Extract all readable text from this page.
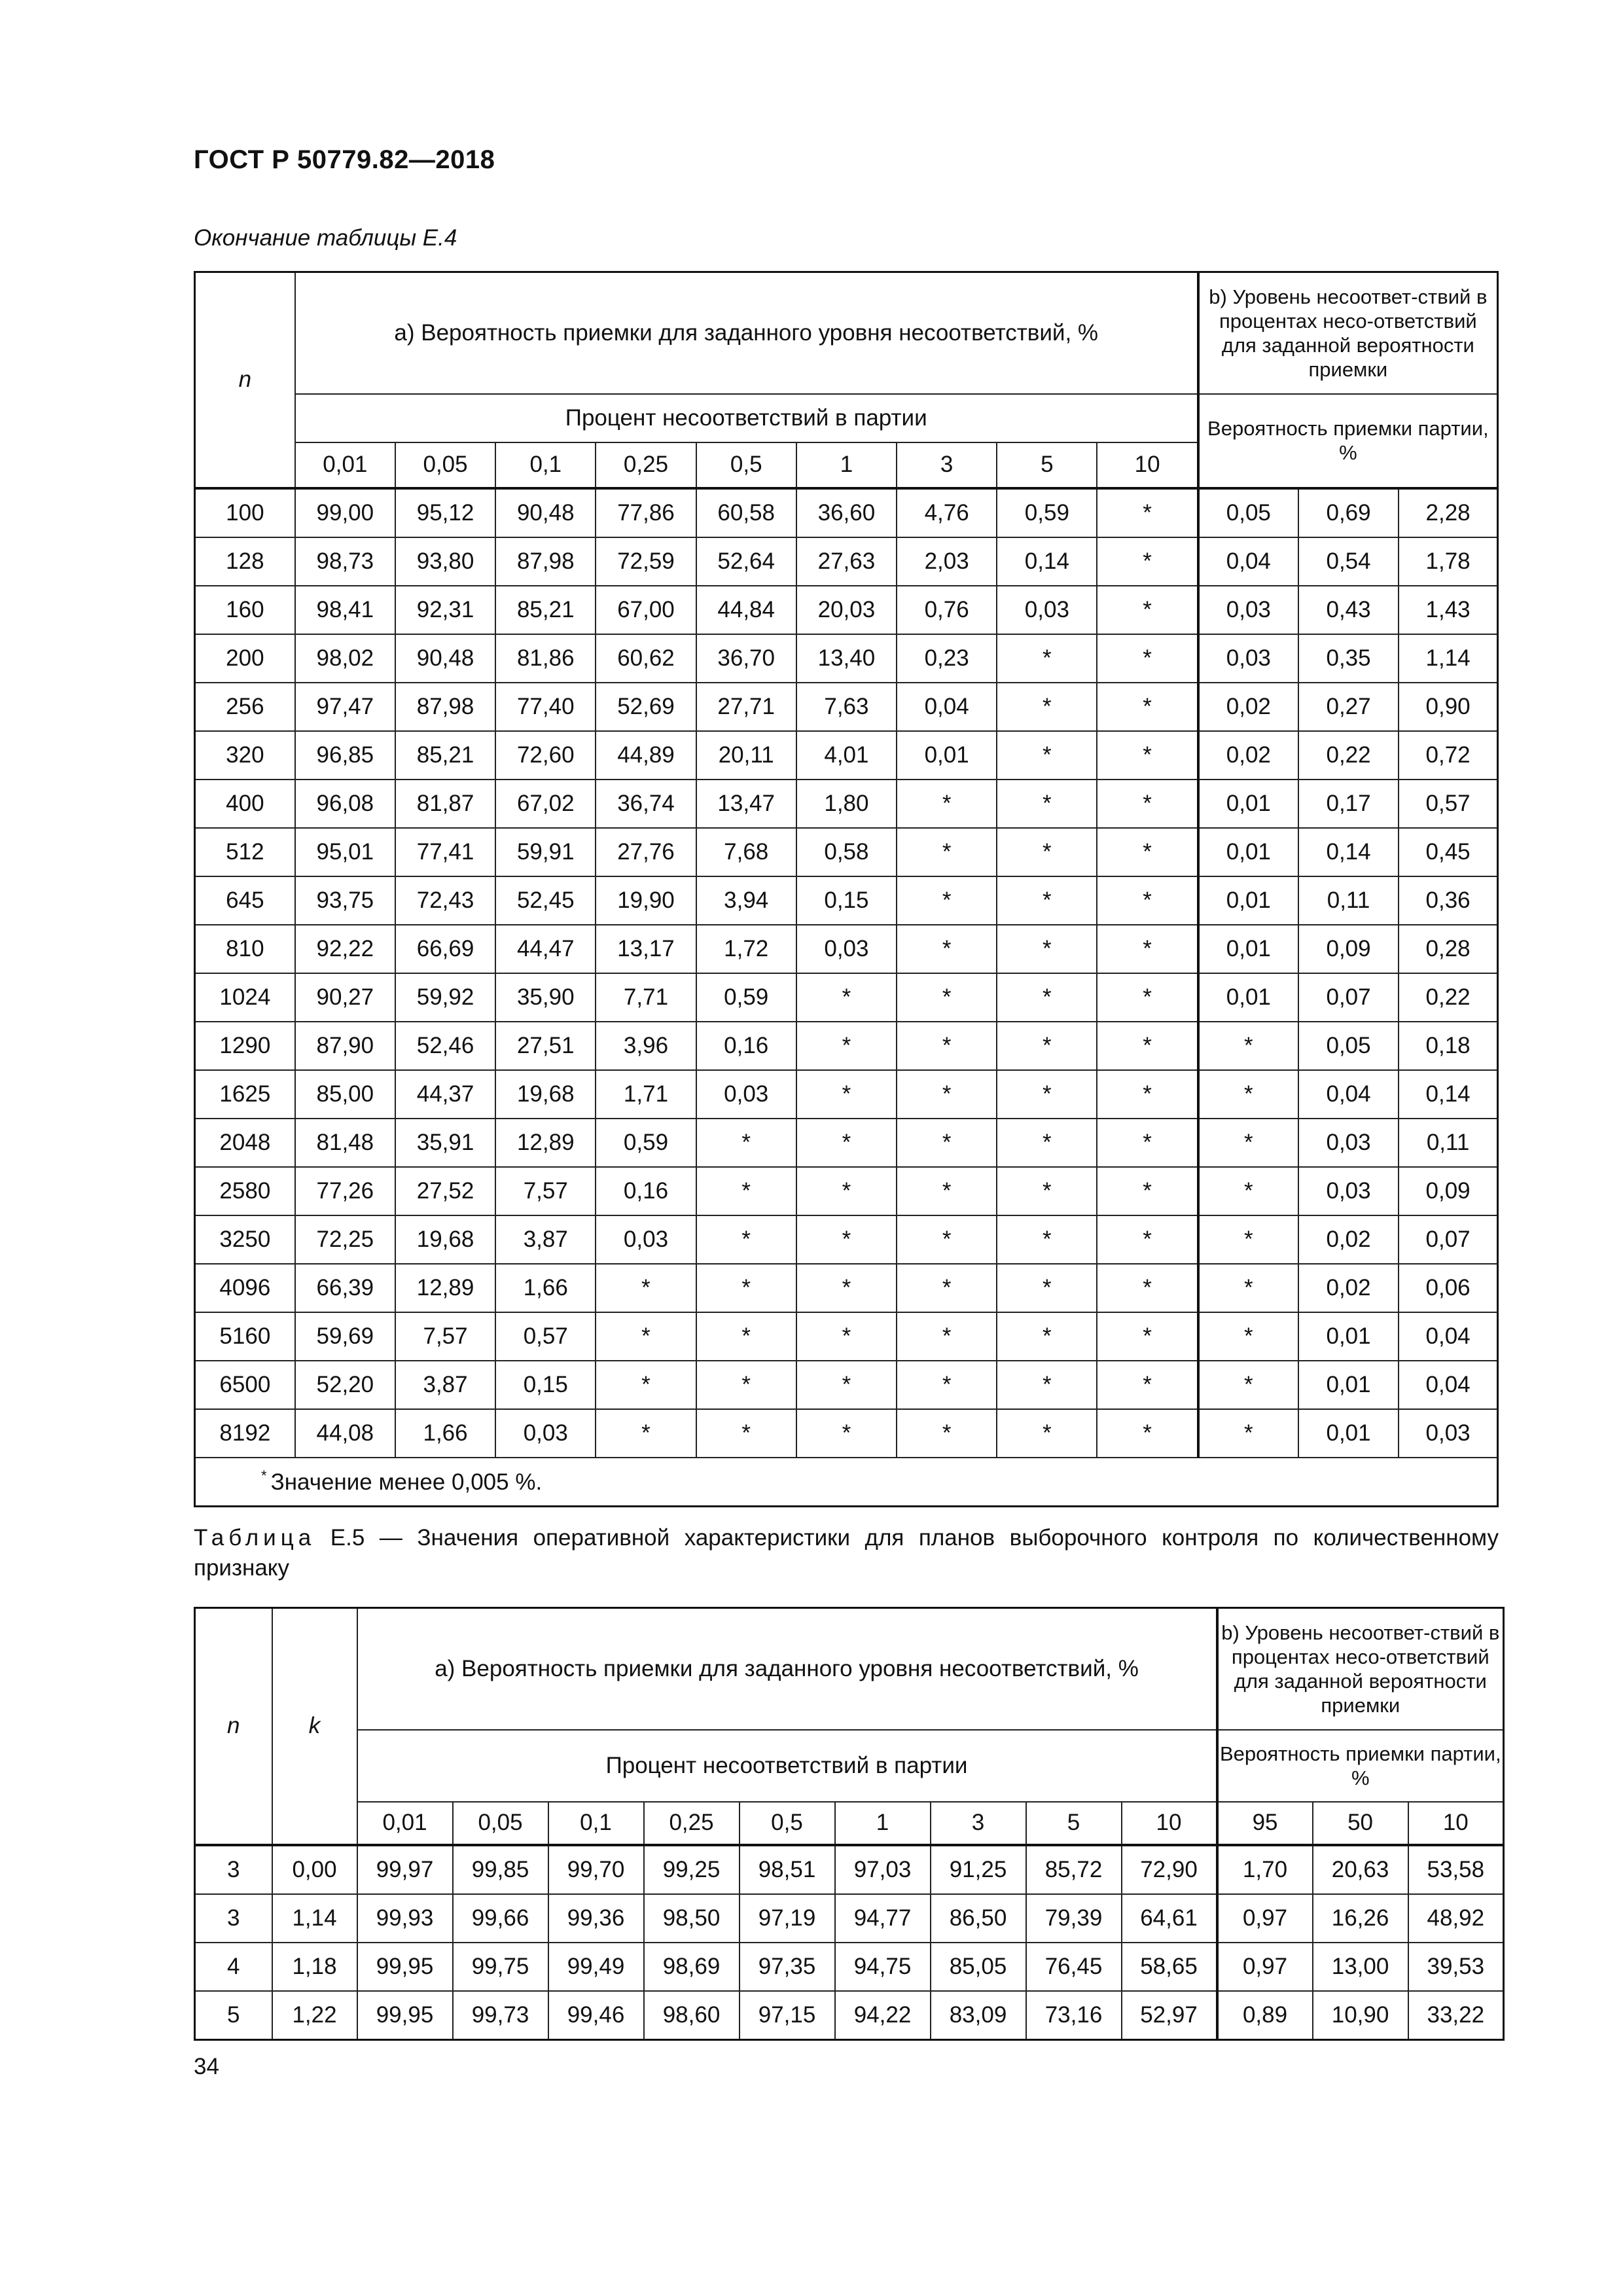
ГОСТ Р 50779.82—2018
Окончание таблицы Е.4
n	а) Вероятность приемки для заданного уровня несоответствий, %									b) Уровень несоответ-ствий в процентах несо-ответствий для заданной вероятности приемки		
	Процент несоответствий в партии									Вероятность приемки партии, %		
	0,01	0,05	0,1	0,25	0,5	1	3	5	10			
100	99,00	95,12	90,48	77,86	60,58	36,60	4,76	0,59	*	0,05	0,69	2,28
128	98,73	93,80	87,98	72,59	52,64	27,63	2,03	0,14	*	0,04	0,54	1,78
160	98,41	92,31	85,21	67,00	44,84	20,03	0,76	0,03	*	0,03	0,43	1,43
200	98,02	90,48	81,86	60,62	36,70	13,40	0,23	*	*	0,03	0,35	1,14
256	97,47	87,98	77,40	52,69	27,71	7,63	0,04	*	*	0,02	0,27	0,90
320	96,85	85,21	72,60	44,89	20,11	4,01	0,01	*	*	0,02	0,22	0,72
400	96,08	81,87	67,02	36,74	13,47	1,80	*	*	*	0,01	0,17	0,57
512	95,01	77,41	59,91	27,76	7,68	0,58	*	*	*	0,01	0,14	0,45
645	93,75	72,43	52,45	19,90	3,94	0,15	*	*	*	0,01	0,11	0,36
810	92,22	66,69	44,47	13,17	1,72	0,03	*	*	*	0,01	0,09	0,28
1024	90,27	59,92	35,90	7,71	0,59	*	*	*	*	0,01	0,07	0,22
1290	87,90	52,46	27,51	3,96	0,16	*	*	*	*	*	0,05	0,18
1625	85,00	44,37	19,68	1,71	0,03	*	*	*	*	*	0,04	0,14
2048	81,48	35,91	12,89	0,59	*	*	*	*	*	*	0,03	0,11
2580	77,26	27,52	7,57	0,16	*	*	*	*	*	*	0,03	0,09
3250	72,25	19,68	3,87	0,03	*	*	*	*	*	*	0,02	0,07
4096	66,39	12,89	1,66	*	*	*	*	*	*	*	0,02	0,06
5160	59,69	7,57	0,57	*	*	*	*	*	*	*	0,01	0,04
6500	52,20	3,87	0,15	*	*	*	*	*	*	*	0,01	0,04
8192	44,08	1,66	0,03	*	*	*	*	*	*	*	0,01	0,03
* Значение менее 0,005 %.												
Таблица Е.5 — Значения оперативной характеристики для планов выборочного контроля по количественному признаку
n	k	а) Вероятность приемки для заданного уровня несоответствий, %									b) Уровень несоответ-ствий в процентах несо-ответствий для заданной вероятности приемки		
		Процент несоответствий в партии									Вероятность приемки партии, %		
		0,01	0,05	0,1	0,25	0,5	1	3	5	10	95	50	10
3	0,00	99,97	99,85	99,70	99,25	98,51	97,03	91,25	85,72	72,90	1,70	20,63	53,58
3	1,14	99,93	99,66	99,36	98,50	97,19	94,77	86,50	79,39	64,61	0,97	16,26	48,92
4	1,18	99,95	99,75	99,49	98,69	97,35	94,75	85,05	76,45	58,65	0,97	13,00	39,53
5	1,22	99,95	99,73	99,46	98,60	97,15	94,22	83,09	73,16	52,97	0,89	10,90	33,22
34
